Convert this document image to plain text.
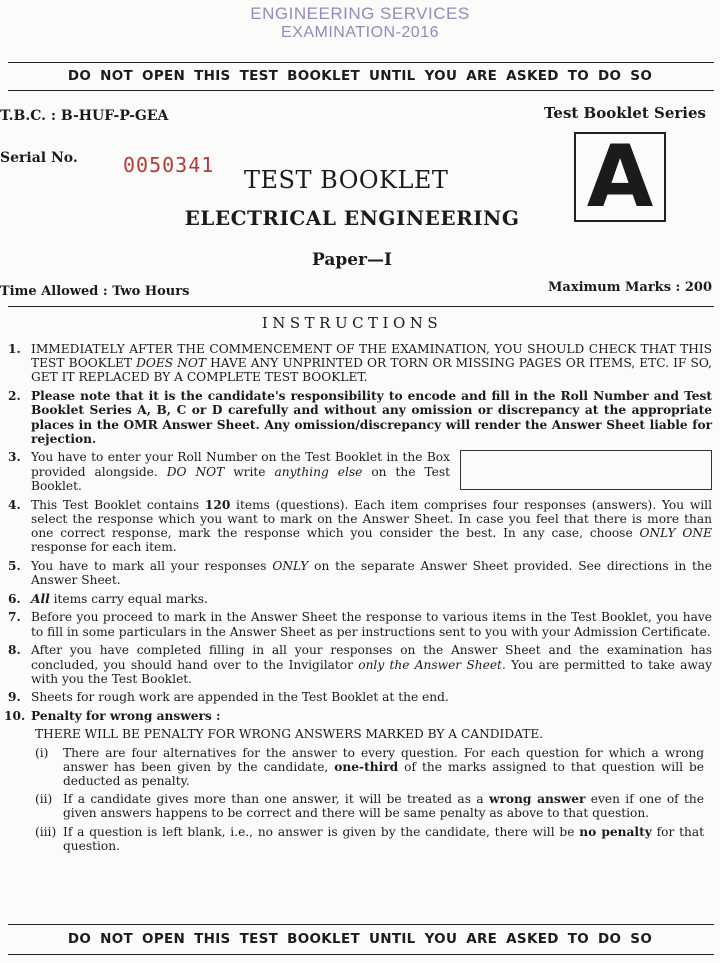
ENGINEERING SERVICES
EXAMINATION-2016
DO NOT OPEN THIS TEST BOOKLET UNTIL YOU ARE ASKED TO DO SO
T.B.C. : B-HUF-P-GEA	Test Booklet Series
Serial No. 0050341	A
TEST BOOKLET
ELECTRICAL ENGINEERING
Paper—I
Time Allowed : Two Hours	Maximum Marks : 200
INSTRUCTIONS
1. IMMEDIATELY AFTER THE COMMENCEMENT OF THE EXAMINATION, YOU SHOULD CHECK THAT THIS TEST BOOKLET DOES NOT HAVE ANY UNPRINTED OR TORN OR MISSING PAGES OR ITEMS, ETC. IF SO, GET IT REPLACED BY A COMPLETE TEST BOOKLET.
2. Please note that it is the candidate's responsibility to encode and fill in the Roll Number and Test Booklet Series A, B, C or D carefully and without any omission or discrepancy at the appropriate places in the OMR Answer Sheet. Any omission/discrepancy will render the Answer Sheet liable for rejection.
3. You have to enter your Roll Number on the Test Booklet in the Box provided alongside. DO NOT write anything else on the Test Booklet.
4. This Test Booklet contains 120 items (questions). Each item comprises four responses (answers). You will select the response which you want to mark on the Answer Sheet. In case you feel that there is more than one correct response, mark the response which you consider the best. In any case, choose ONLY ONE response for each item.
5. You have to mark all your responses ONLY on the separate Answer Sheet provided. See directions in the Answer Sheet.
6. All items carry equal marks.
7. Before you proceed to mark in the Answer Sheet the response to various items in the Test Booklet, you have to fill in some particulars in the Answer Sheet as per instructions sent to you with your Admission Certificate.
8. After you have completed filling in all your responses on the Answer Sheet and the examination has concluded, you should hand over to the Invigilator only the Answer Sheet. You are permitted to take away with you the Test Booklet.
9. Sheets for rough work are appended in the Test Booklet at the end.
10. Penalty for wrong answers :
THERE WILL BE PENALTY FOR WRONG ANSWERS MARKED BY A CANDIDATE.
(i) There are four alternatives for the answer to every question. For each question for which a wrong answer has been given by the candidate, one-third of the marks assigned to that question will be deducted as penalty.
(ii) If a candidate gives more than one answer, it will be treated as a wrong answer even if one of the given answers happens to be correct and there will be same penalty as above to that question.
(iii) If a question is left blank, i.e., no answer is given by the candidate, there will be no penalty for that question.
DO NOT OPEN THIS TEST BOOKLET UNTIL YOU ARE ASKED TO DO SO
